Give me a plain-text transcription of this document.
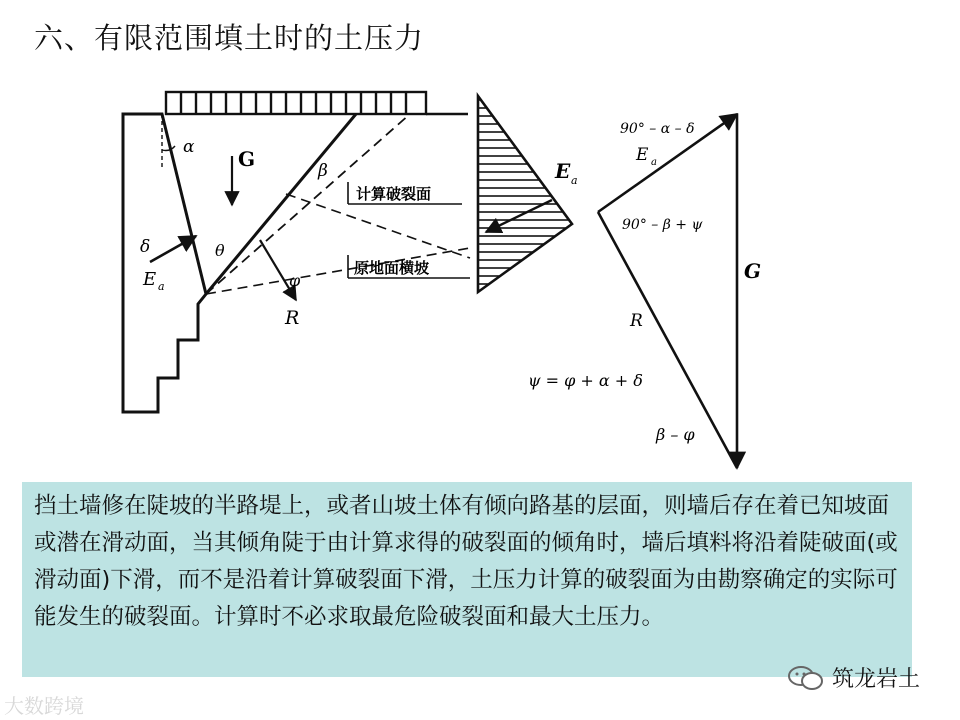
六、有限范围填土时的土压力
α G	β
δ
E a
θ
R
φ
计算破裂面
原地面横坡
E a
90° – α – δ
E a
90° – β + ψ
G
R
β – φ
ψ = φ + α + δ
挡土墙修在陡坡的半路堤上，或者山坡土体有倾向路基的层面，则墙后存在着已知坡面或潜在滑动面，当其倾角陡于由计算求得的破裂面的倾角时，墙后填料将沿着陡破面(或滑动面)下滑，而不是沿着计算破裂面下滑，土压力计算的破裂面为由勘察确定的实际可能发生的破裂面。计算时不必求取最危险破裂面和最大土压力。
大数跨境
筑龙岩土
